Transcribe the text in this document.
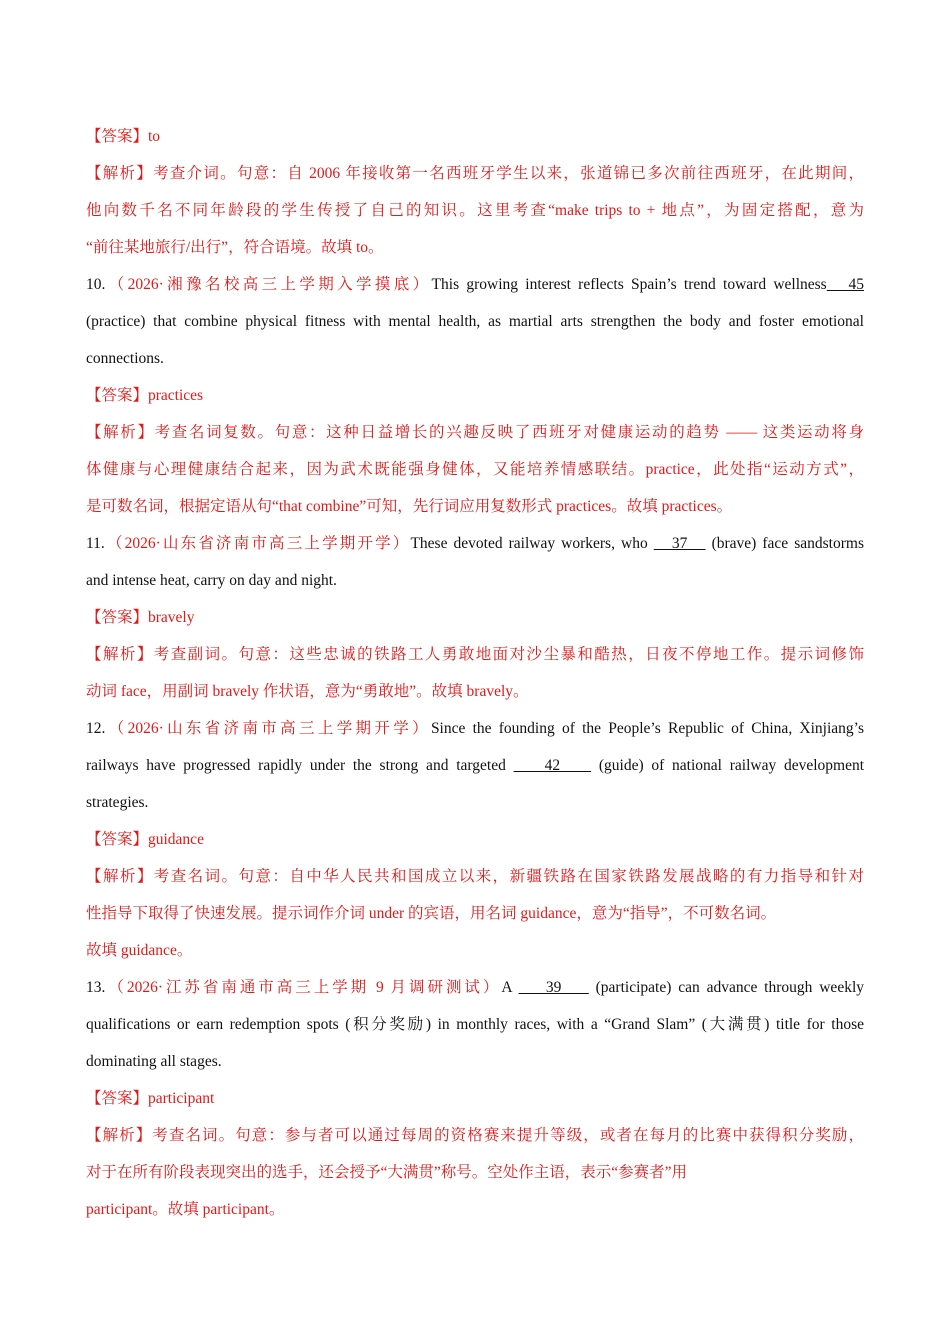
【答案】to
【解析】考查介词。句意：自 2006 年接收第一名西班牙学生以来，张道锦已多次前往西班牙，在此期间，
他向数千名不同年龄段的学生传授了自己的知识。这里考查“make trips to + 地点”，为固定搭配，意为
“前往某地旅行/出行”，符合语境。故填 to。
10.（2026·湘豫名校高三上学期入学摸底）This growing interest reflects Spain’s trend toward wellness   45
(practice) that combine physical fitness with mental health, as martial arts strengthen the body and foster emotional
connections.
【答案】practices
【解析】考查名词复数。句意：这种日益增长的兴趣反映了西班牙对健康运动的趋势 —— 这类运动将身
体健康与心理健康结合起来，因为武术既能强身健体，又能培养情感联结。practice，此处指“运动方式”，
是可数名词，根据定语从句“that combine”可知，先行词应用复数形式 practices。故填 practices。
11.（2026·山东省济南市高三上学期开学）These devoted railway workers, who    37    (brave) face sandstorms
and intense heat, carry on day and night.
【答案】bravely
【解析】考查副词。句意：这些忠诚的铁路工人勇敢地面对沙尘暴和酷热，日夜不停地工作。提示词修饰
动词 face，用副词 bravely 作状语，意为“勇敢地”。故填 bravely。
12.（2026·山东省济南市高三上学期开学）Since the founding of the People’s Republic of China, Xinjiang’s
railways have progressed rapidly under the strong and targeted     42     (guide) of national railway development
strategies.
【答案】guidance
【解析】考查名词。句意：自中华人民共和国成立以来，新疆铁路在国家铁路发展战略的有力指导和针对
性指导下取得了快速发展。提示词作介词 under 的宾语，用名词 guidance，意为“指导”，不可数名词。
故填 guidance。
13.（2026·江苏省南通市高三上学期 9 月调研测试）A     39     (participate) can advance through weekly
qualifications or earn redemption spots (积分奖励) in monthly races, with a “Grand Slam” (大满贯) title for those
dominating all stages.
【答案】participant
【解析】考查名词。句意：参与者可以通过每周的资格赛来提升等级，或者在每月的比赛中获得积分奖励，
对于在所有阶段表现突出的选手，还会授予“大满贯”称号。空处作主语，表示“参赛者”用
participant。故填 participant。
